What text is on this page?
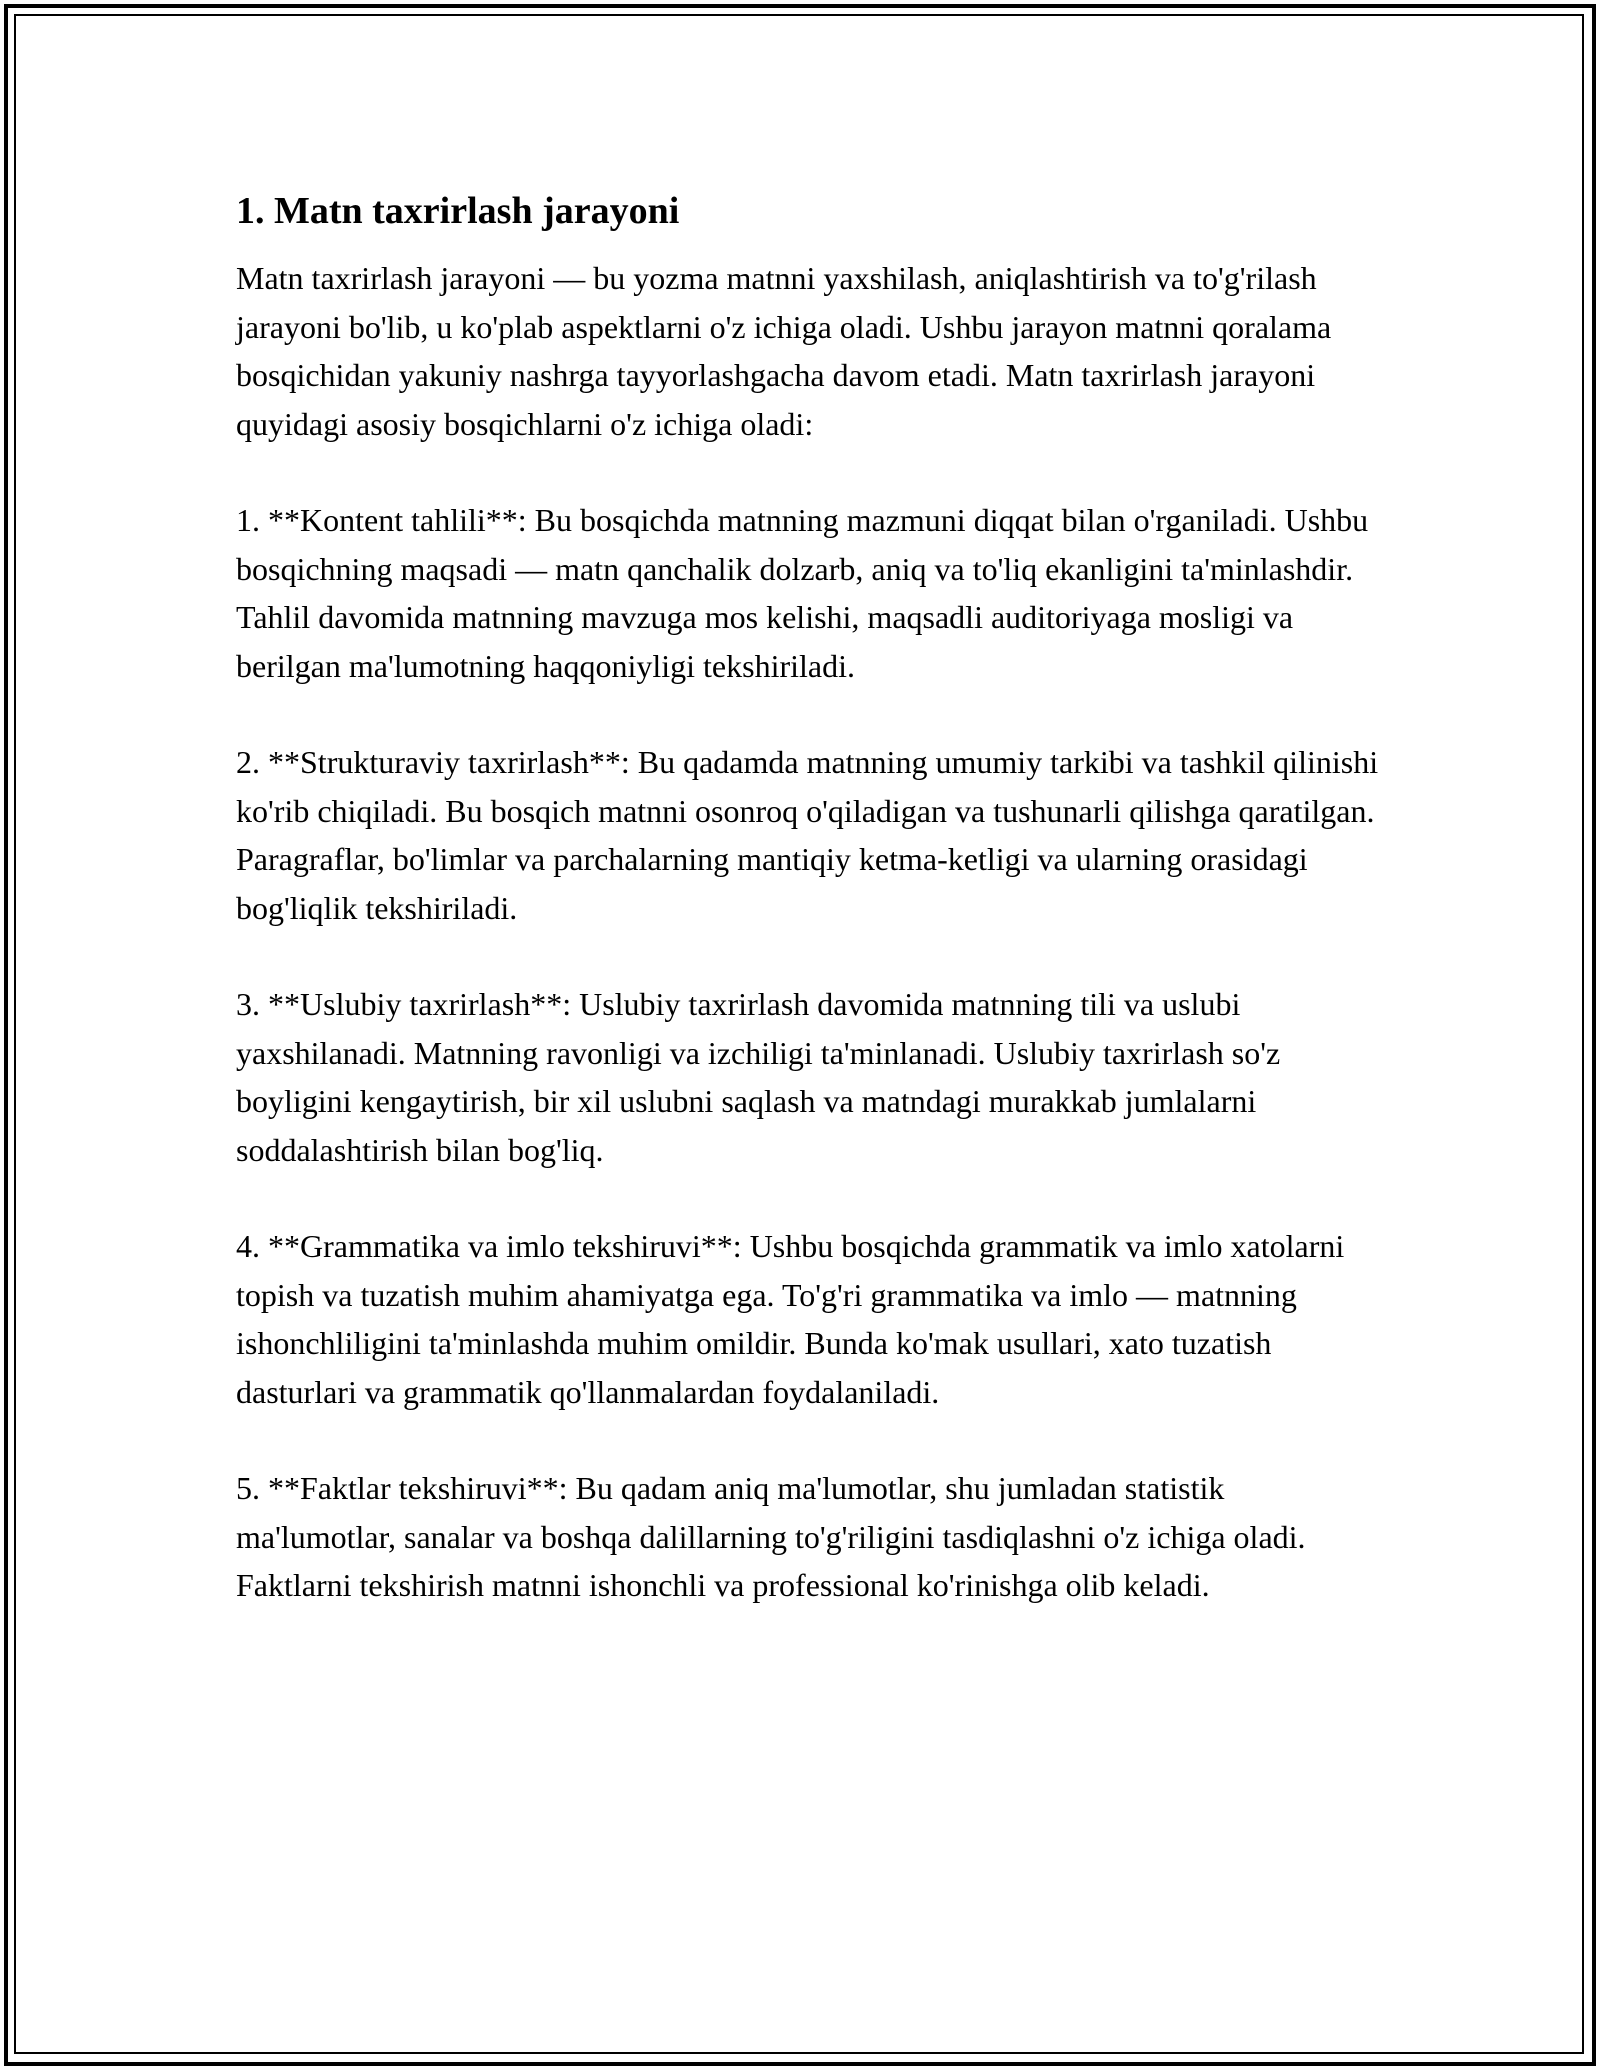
1. Matn taxrirlash jarayoni

Matn taxrirlash jarayoni — bu yozma matnni yaxshilash, aniqlashtirish va to'g'rilash jarayoni bo'lib, u ko'plab aspektlarni o'z ichiga oladi. Ushbu jarayon matnni qoralama bosqichidan yakuniy nashrga tayyorlashgacha davom etadi. Matn taxrirlash jarayoni quyidagi asosiy bosqichlarni o'z ichiga oladi:

1. **Kontent tahlili**: Bu bosqichda matnning mazmuni diqqat bilan o'rganiladi. Ushbu bosqichning maqsadi — matn qanchalik dolzarb, aniq va to'liq ekanligini ta'minlashdir. Tahlil davomida matnning mavzuga mos kelishi, maqsadli auditoriyaga mosligi va berilgan ma'lumotning haqqoniyligi tekshiriladi.

2. **Strukturaviy taxrirlash**: Bu qadamda matnning umumiy tarkibi va tashkil qilinishi ko'rib chiqiladi. Bu bosqich matnni osonroq o'qiladigan va tushunarli qilishga qaratilgan. Paragraflar, bo'limlar va parchalarning mantiqiy ketma-ketligi va ularning orasidagi bog'liqlik tekshiriladi.

3. **Uslubiy taxrirlash**: Uslubiy taxrirlash davomida matnning tili va uslubi yaxshilanadi. Matnning ravonligi va izchiligi ta'minlanadi. Uslubiy taxrirlash so'z boyligini kengaytirish, bir xil uslubni saqlash va matndagi murakkab jumlalarni soddalashtirish bilan bog'liq.

4. **Grammatika va imlo tekshiruvi**: Ushbu bosqichda grammatik va imlo xatolarni topish va tuzatish muhim ahamiyatga ega. To'g'ri grammatika va imlo — matnning ishonchliligini ta'minlashda muhim omildir. Bunda ko'mak usullari, xato tuzatish dasturlari va grammatik qo'llanmalardan foydalaniladi.

5. **Faktlar tekshiruvi**: Bu qadam aniq ma'lumotlar, shu jumladan statistik ma'lumotlar, sanalar va boshqa dalillarning to'g'riligini tasdiqlashni o'z ichiga oladi. Faktlarni tekshirish matnni ishonchli va professional ko'rinishga olib keladi.
